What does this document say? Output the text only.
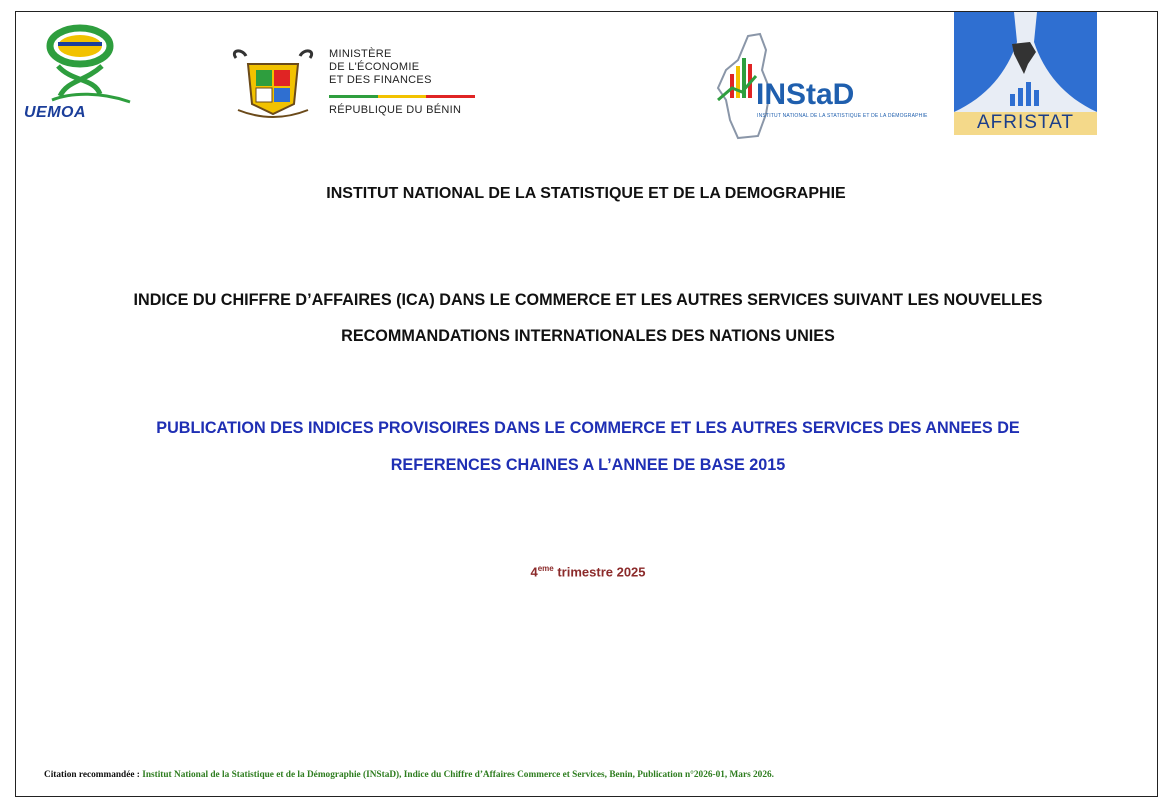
UEMOA
MINISTÈRE
DE L'ÉCONOMIE
ET DES FINANCES
RÉPUBLIQUE DU BÉNIN	INStaD
INSTITUT NATIONAL DE LA STATISTIQUE ET DE LA DÉMOGRAPHIE	AFRISTAT
INSTITUT NATIONAL DE LA STATISTIQUE ET DE LA DEMOGRAPHIE
INDICE DU CHIFFRE D’AFFAIRES (ICA) DANS LE COMMERCE ET LES AUTRES SERVICES SUIVANT LES NOUVELLES
RECOMMANDATIONS INTERNATIONALES DES NATIONS UNIES
PUBLICATION DES INDICES PROVISOIRES DANS LE COMMERCE ET LES AUTRES SERVICES DES ANNEES DE
REFERENCES CHAINES A L’ANNEE DE BASE 2015
4eme trimestre 2025
Citation recommandée : Institut National de la Statistique et de la Démographie (INStaD), Indice du Chiffre d’Affaires Commerce et Services, Benin, Publication n°2026-01, Mars 2026.
